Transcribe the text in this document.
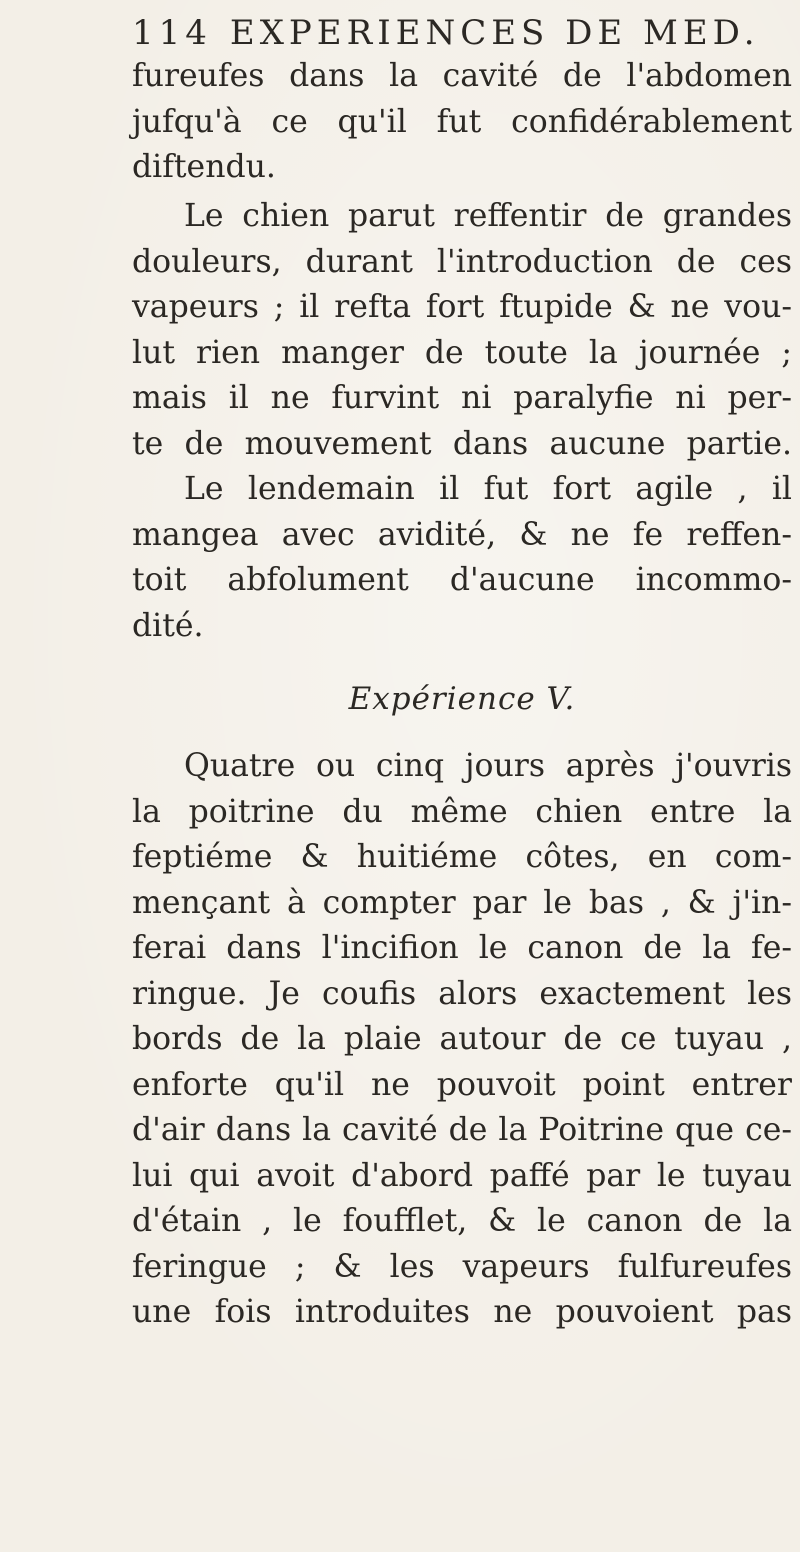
114 EXPERIENCES DE MED.
fureufes dans la cavité de l'abdomen
jufqu'à ce qu'il fut confidérablement
diftendu.
Le chien parut reffentir de grandes
douleurs, durant l'introduction de ces
vapeurs ; il refta fort ftupide & ne vou-
lut rien manger de toute la journée ;
mais il ne furvint ni paralyfie ni per-
te de mouvement dans aucune partie.
Le lendemain il fut fort agile , il
mangea avec avidité, & ne fe reffen-
toit abfolument d'aucune incommo-
dité.
Expérience V.
Quatre ou cinq jours après j'ouvris
la poitrine du même chien entre la
feptiéme & huitiéme côtes, en com-
mençant à compter par le bas , & j'in-
ferai dans l'incifion le canon de la fe-
ringue. Je coufis alors exactement les
bords de la plaie autour de ce tuyau ,
enforte qu'il ne pouvoit point entrer
d'air dans la cavité de la Poitrine que ce-
lui qui avoit d'abord paffé par le tuyau
d'étain , le foufflet, & le canon de la
feringue ; & les vapeurs fulfureufes
une fois introduites ne pouvoient pas
